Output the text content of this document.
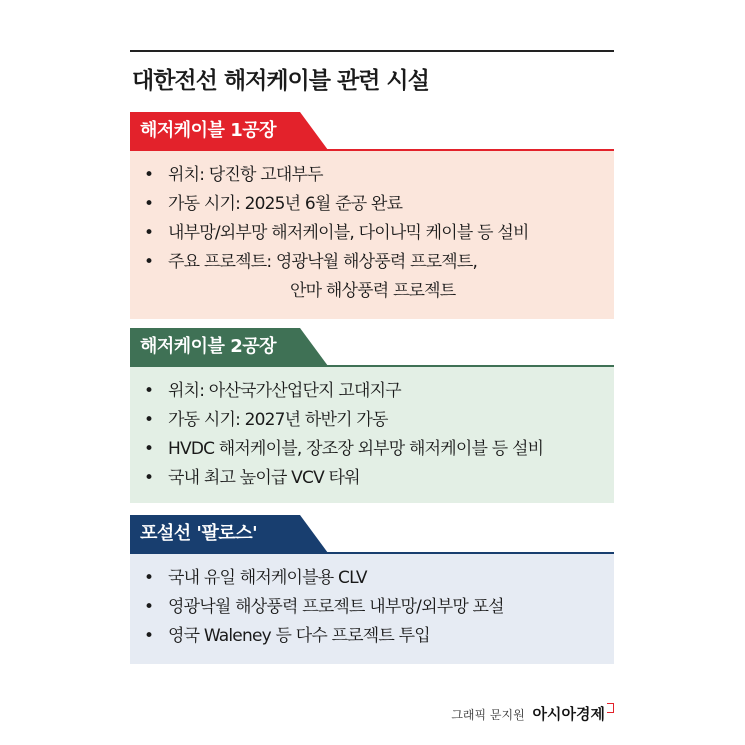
대한전선 해저케이블 관련 시설
해저케이블 1공장
• 위치: 당진항 고대부두
• 가동 시기: 2025년 6월 준공 완료
• 내부망/외부망 해저케이블, 다이나믹 케이블 등 설비
• 주요 프로젝트: 영광낙월 해상풍력 프로젝트,
안마 해상풍력 프로젝트
해저케이블 2공장
• 위치: 아산국가산업단지 고대지구
• 가동 시기: 2027년 하반기 가동
• HVDC 해저케이블, 장조장 외부망 해저케이블 등 설비
• 국내 최고 높이급 VCV 타워
포설선 '팔로스'
• 국내 유일 해저케이블용 CLV
• 영광낙월 해상풍력 프로젝트 내부망/외부망 포설
• 영국 Waleney 등 다수 프로젝트 투입
그래픽 문지원 아시아경제
